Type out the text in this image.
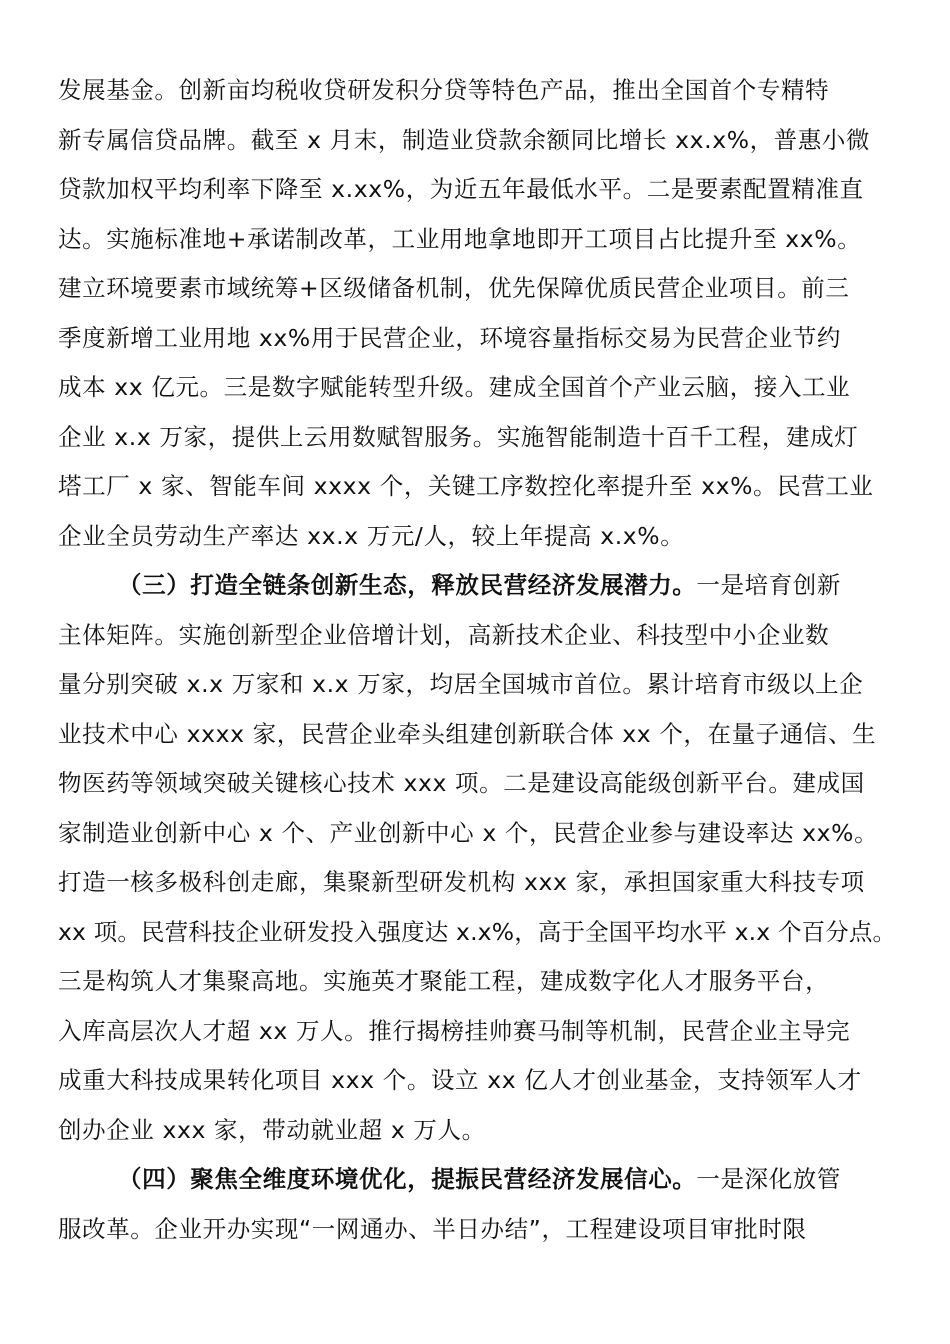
发展基金。创新亩均税收贷研发积分贷等特色产品，推出全国首个专精特
新专属信贷品牌。截至 x 月末，制造业贷款余额同比增长 xx.x%，普惠小微
贷款加权平均利率下降至 x.xx%，为近五年最低水平。二是要素配置精准直
达。实施标准地+承诺制改革，工业用地拿地即开工项目占比提升至 xx%。
建立环境要素市域统筹+区级储备机制，优先保障优质民营企业项目。前三
季度新增工业用地 xx%用于民营企业，环境容量指标交易为民营企业节约
成本 xx 亿元。三是数字赋能转型升级。建成全国首个产业云脑，接入工业
企业 x.x 万家，提供上云用数赋智服务。实施智能制造十百千工程，建成灯
塔工厂 x 家、智能车间 xxxx 个，关键工序数控化率提升至 xx%。民营工业
企业全员劳动生产率达 xx.x 万元/人，较上年提高 x.x%。
（三）打造全链条创新生态，释放民营经济发展潜力。一是培育创新
主体矩阵。实施创新型企业倍增计划，高新技术企业、科技型中小企业数
量分别突破 x.x 万家和 x.x 万家，均居全国城市首位。累计培育市级以上企
业技术中心 xxxx 家，民营企业牵头组建创新联合体 xx 个，在量子通信、生
物医药等领域突破关键核心技术 xxx 项。二是建设高能级创新平台。建成国
家制造业创新中心 x 个、产业创新中心 x 个，民营企业参与建设率达 xx%。
打造一核多极科创走廊，集聚新型研发机构 xxx 家，承担国家重大科技专项
xx 项。民营科技企业研发投入强度达 x.x%，高于全国平均水平 x.x 个百分点。
三是构筑人才集聚高地。实施英才聚能工程，建成数字化人才服务平台，
入库高层次人才超 xx 万人。推行揭榜挂帅赛马制等机制，民营企业主导完
成重大科技成果转化项目 xxx 个。设立 xx 亿人才创业基金，支持领军人才
创办企业 xxx 家，带动就业超 x 万人。
（四）聚焦全维度环境优化，提振民营经济发展信心。一是深化放管
服改革。企业开办实现“一网通办、半日办结”，工程建设项目审批时限
